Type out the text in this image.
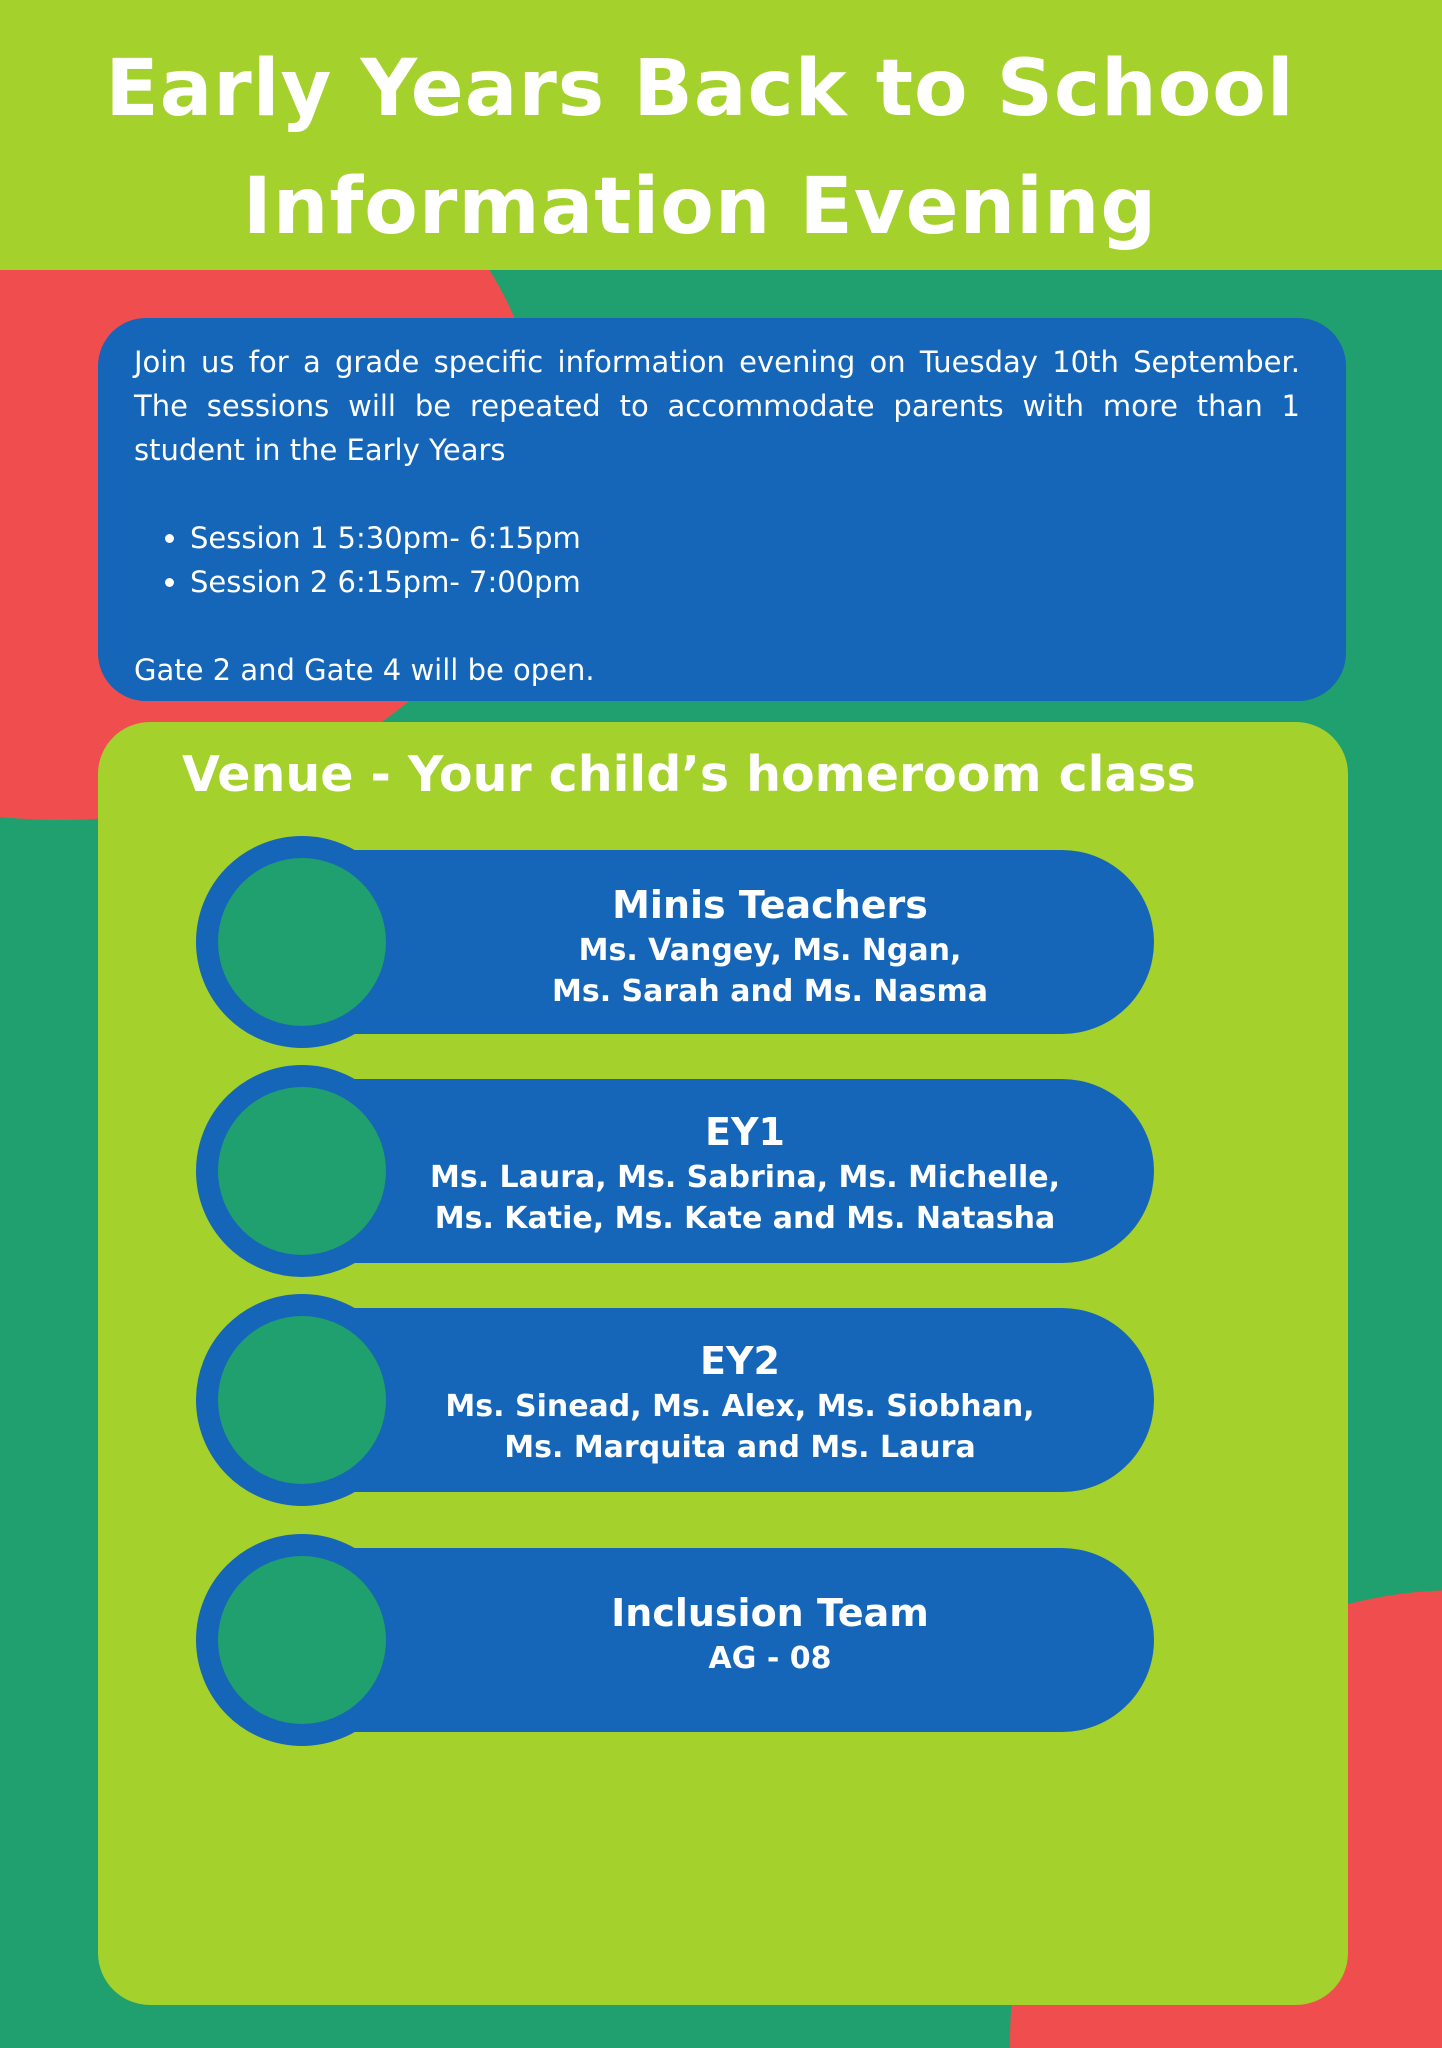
Early Years Back to School
Information Evening

Join us for a grade specific information evening on Tuesday 10th September. The sessions will be repeated to accommodate parents with more than 1 student in the Early Years

• Session 1 5:30pm- 6:15pm
• Session 2 6:15pm- 7:00pm

Gate 2 and Gate 4 will be open.

Venue - Your child’s homeroom class
Minis Teachers
Ms. Vangey, Ms. Ngan,
Ms. Sarah and Ms. Nasma
EY1
Ms. Laura, Ms. Sabrina, Ms. Michelle,
Ms. Katie, Ms. Kate and Ms. Natasha
EY2
Ms. Sinead, Ms. Alex, Ms. Siobhan,
Ms. Marquita and Ms. Laura
Inclusion Team
AG - 08
